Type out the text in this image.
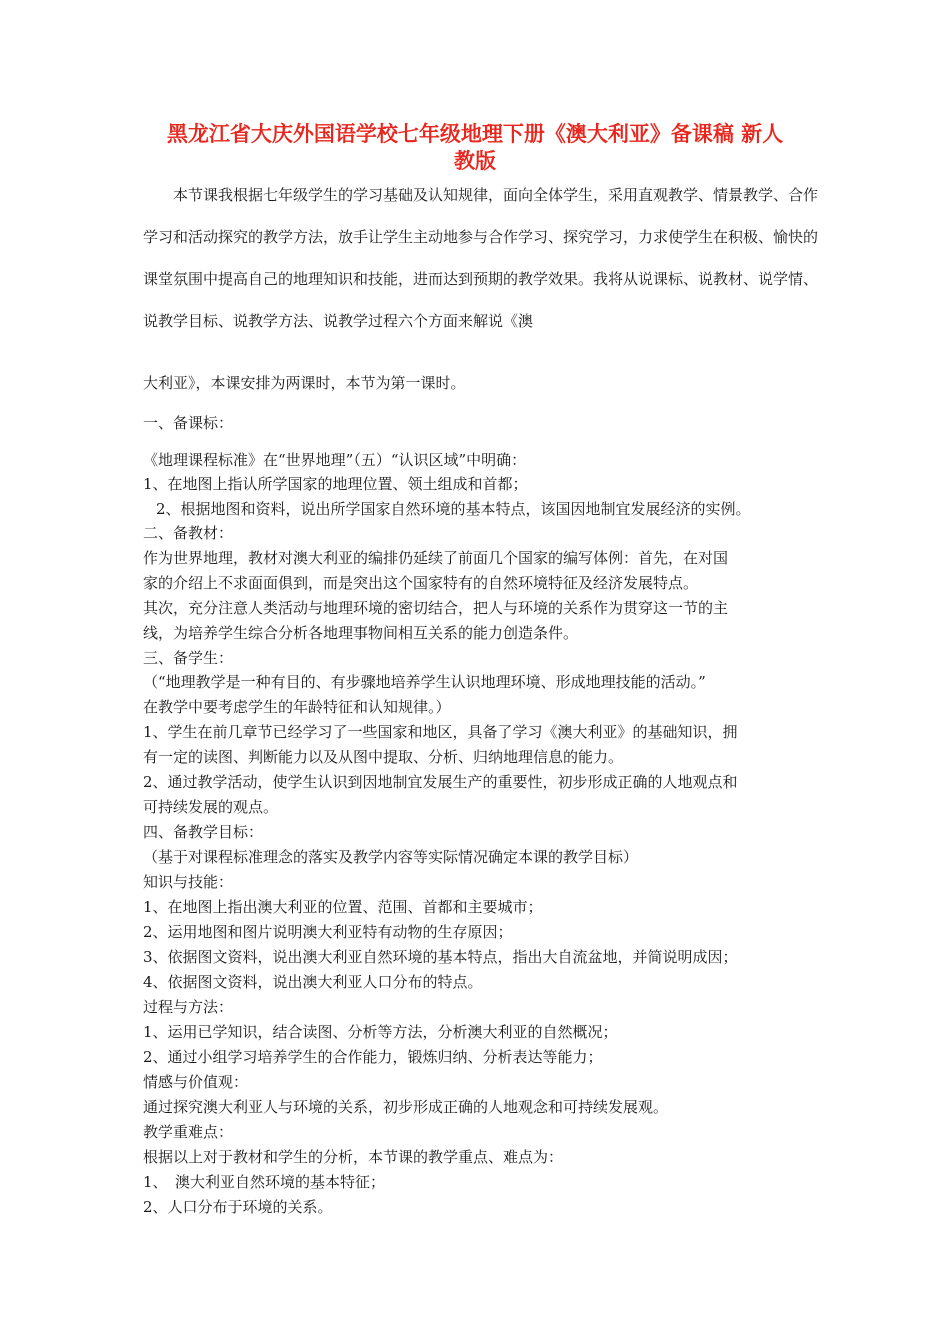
黑龙江省大庆外国语学校七年级地理下册《澳大利亚》备课稿 新人
教版
本节课我根据七年级学生的学习基础及认知规律，面向全体学生，采用直观教学、情景教学、合作学习和活动探究的教学方法，放手让学生主动地参与合作学习、探究学习，力求使学生在积极、愉快的课堂氛围中提高自己的地理知识和技能，进而达到预期的教学效果。我将从说课标、说教材、说学情、说教学目标、说教学方法、说教学过程六个方面来解说《澳
大利亚》，本课安排为两课时，本节为第一课时。
一、备课标：
《地理课程标准》在“世界地理”（五）“认识区域”中明确：
1、在地图上指认所学国家的地理位置、领土组成和首都；
2、根据地图和资料，说出所学国家自然环境的基本特点，该国因地制宜发展经济的实例。
二、备教材：
作为世界地理，教材对澳大利亚的编排仍延续了前面几个国家的编写体例：首先，在对国
家的介绍上不求面面俱到，而是突出这个国家特有的自然环境特征及经济发展特点。
其次，充分注意人类活动与地理环境的密切结合，把人与环境的关系作为贯穿这一节的主
线，为培养学生综合分析各地理事物间相互关系的能力创造条件。
三、备学生：
（“地理教学是一种有目的、有步骤地培养学生认识地理环境、形成地理技能的活动。”
在教学中要考虑学生的年龄特征和认知规律。）
1、学生在前几章节已经学习了一些国家和地区，具备了学习《澳大利亚》的基础知识，拥
有一定的读图、判断能力以及从图中提取、分析、归纳地理信息的能力。
2、通过教学活动，使学生认识到因地制宜发展生产的重要性，初步形成正确的人地观点和
可持续发展的观点。
四、备教学目标：
（基于对课程标准理念的落实及教学内容等实际情况确定本课的教学目标）
知识与技能：
1、在地图上指出澳大利亚的位置、范围、首都和主要城市；
2、运用地图和图片说明澳大利亚特有动物的生存原因；
3、依据图文资料，说出澳大利亚自然环境的基本特点，指出大自流盆地，并简说明成因；
4、依据图文资料，说出澳大利亚人口分布的特点。
过程与方法：
1、运用已学知识，结合读图、分析等方法，分析澳大利亚的自然概况；
2、通过小组学习培养学生的合作能力，锻炼归纳、分析表达等能力；
情感与价值观：
通过探究澳大利亚人与环境的关系，初步形成正确的人地观念和可持续发展观。
教学重难点：
根据以上对于教材和学生的分析，本节课的教学重点、难点为：
1、　澳大利亚自然环境的基本特征；
2、人口分布于环境的关系。
